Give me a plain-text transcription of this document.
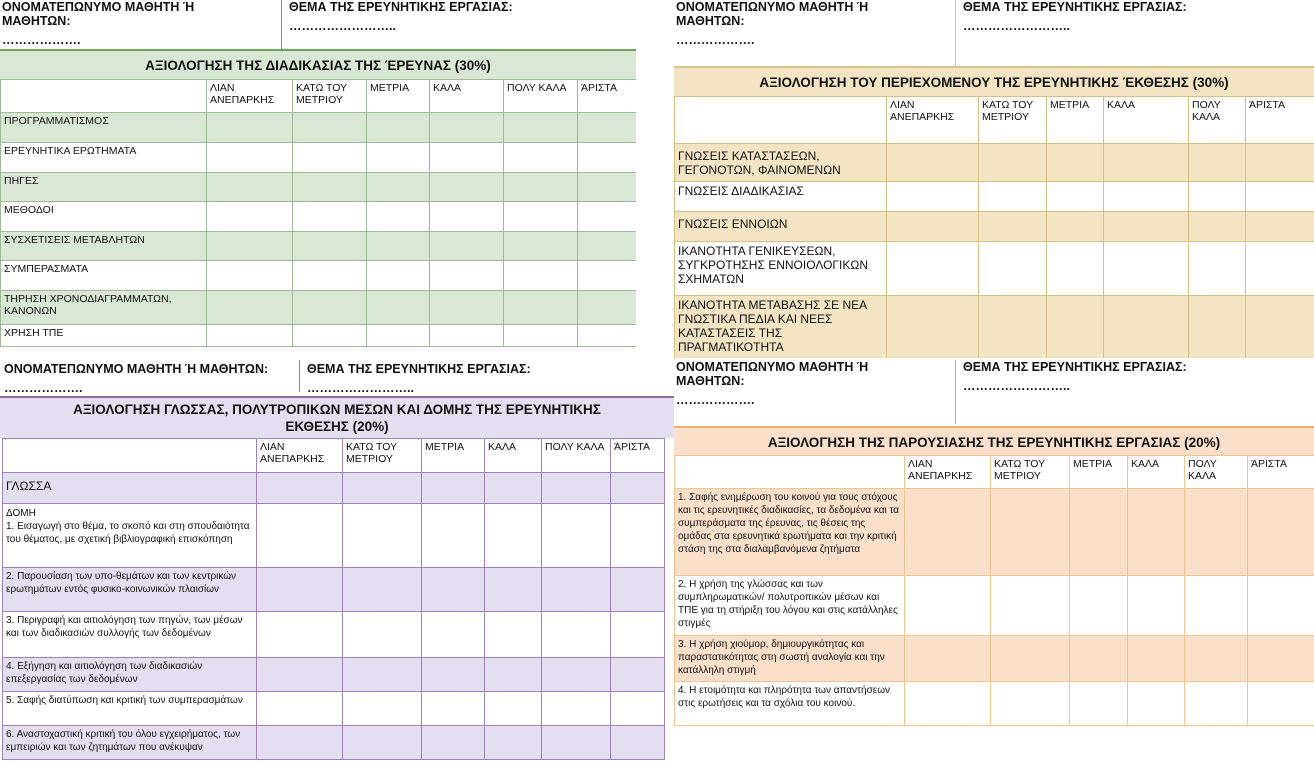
ΟΝΟΜΑΤΕΠΩΝΥΜΟ ΜΑΘΗΤΗ Ή ΜΑΘΗΤΩΝ:
……………….
ΘΕΜΑ ΤΗΣ ΕΡΕΥΝΗΤΙΚΗΣ ΕΡΓΑΣΙΑΣ:
……………………..
ΑΞΙΟΛΟΓΗΣΗ ΤΗΣ ΔΙΑΔΙΚΑΣΙΑΣ ΤΗΣ ΈΡΕΥΝΑΣ (30%)
	ΛΙΑΝ ΑΝΕΠΑΡΚΗΣ	ΚΑΤΩ ΤΟΥ ΜΕΤΡΙΟΥ	ΜΕΤΡΙΑ	ΚΑΛΑ	ΠΟΛΥ ΚΑΛΑ	ΆΡΙΣΤΑ
ΠΡΟΓΡΑΜΜΑΤΙΣΜΟΣ						
ΕΡΕΥΝΗΤΙΚΑ ΕΡΩΤΗΜΑΤΑ						
ΠΗΓΕΣ						
ΜΕΘΟΔΟΙ						
ΣΥΣΧΕΤΙΣΕΙΣ ΜΕΤΑΒΛΗΤΩΝ						
ΣΥΜΠΕΡΑΣΜΑΤΑ						
ΤΗΡΗΣΗ ΧΡΟΝΟΔΙΑΓΡΑΜΜΑΤΩΝ, ΚΑΝΟΝΩΝ						
ΧΡΗΣΗ ΤΠΕ						
ΟΝΟΜΑΤΕΠΩΝΥΜΟ ΜΑΘΗΤΗ Ή ΜΑΘΗΤΩΝ:
……………….
ΘΕΜΑ ΤΗΣ ΕΡΕΥΝΗΤΙΚΗΣ ΕΡΓΑΣΙΑΣ:
……………………..
ΑΞΙΟΛΟΓΗΣΗ ΤΟΥ ΠΕΡΙΕΧΟΜΕΝΟΥ ΤΗΣ ΕΡΕΥΝΗΤΙΚΗΣ ΈΚΘΕΣΗΣ (30%)
	ΛΙΑΝ ΑΝΕΠΑΡΚΗΣ	ΚΑΤΩ ΤΟΥ ΜΕΤΡΙΟΥ	ΜΕΤΡΙΑ	ΚΑΛΑ	ΠΟΛΥ ΚΑΛΑ	ΆΡΙΣΤΑ
ΓΝΩΣΕΙΣ ΚΑΤΑΣΤΑΣΕΩΝ, ΓΕΓΟΝΟΤΩΝ, ΦΑΙΝΟΜΕΝΩΝ						
ΓΝΩΣΕΙΣ ΔΙΑΔΙΚΑΣΙΑΣ						
ΓΝΩΣΕΙΣ ΕΝΝΟΙΩΝ						
ΙΚΑΝΟΤΗΤΑ ΓΕΝΙΚΕΥΣΕΩΝ, ΣΥΓΚΡΟΤΗΣΗΣ ΕΝΝΟΙΟΛΟΓΙΚΩΝ ΣΧΗΜΑΤΩΝ						
ΙΚΑΝΟΤΗΤΑ ΜΕΤΑΒΑΣΗΣ ΣΕ ΝΕΑ ΓΝΩΣΤΙΚΑ ΠΕΔΙΑ ΚΑΙ ΝΕΕΣ ΚΑΤΑΣΤΑΣΕΙΣ ΤΗΣ ΠΡΑΓΜΑΤΙΚΟΤΗΤΑ						
ΟΝΟΜΑΤΕΠΩΝΥΜΟ ΜΑΘΗΤΗ Ή ΜΑΘΗΤΩΝ:
……………….
ΘΕΜΑ ΤΗΣ ΕΡΕΥΝΗΤΙΚΗΣ ΕΡΓΑΣΙΑΣ:
……………………..
ΑΞΙΟΛΟΓΗΣΗ ΓΛΩΣΣΑΣ, ΠΟΛΥΤΡΟΠΙΚΩΝ ΜΕΣΩΝ ΚΑΙ ΔΟΜΗΣ ΤΗΣ ΕΡΕΥΝΗΤΙΚΗΣ ΕΚΘΕΣΗΣ (20%)
	ΛΙΑΝ ΑΝΕΠΑΡΚΗΣ	ΚΑΤΩ ΤΟΥ ΜΕΤΡΙΟΥ	ΜΕΤΡΙΑ	ΚΑΛΑ	ΠΟΛΥ ΚΑΛΑ	ΆΡΙΣΤΑ
ΓΛΩΣΣΑ						
ΔΟΜΗ
1. Εισαγωγή στο θέμα, το σκοπό και στη σπουδαιότητα του θέματος, με σχετική βιβλιογραφική επισκόπηση						
2. Παρουσίαση των υπο-θεμάτων και των κεντρικών ερωτημάτων εντός φυσικο-κοινωνικών πλαισίων						
3. Περιγραφή και αιτιολόγηση των πηγών, των μέσων και των διαδικασιών συλλογής των δεδομένων						
4. Εξήγηση και αιτιολόγηση των διαδικασιών επεξεργασίας των δεδομένων						
5. Σαφής διατύπωση και κριτική των συμπερασμάτων						
6. Αναστοχαστική κριτική του όλου εγχειρήματος, των εμπειριών και των ζητημάτων που ανέκυψαν						
ΟΝΟΜΑΤΕΠΩΝΥΜΟ ΜΑΘΗΤΗ Ή ΜΑΘΗΤΩΝ:
……………….
ΘΕΜΑ ΤΗΣ ΕΡΕΥΝΗΤΙΚΗΣ ΕΡΓΑΣΙΑΣ:
……………………..
ΑΞΙΟΛΟΓΗΣΗ ΤΗΣ ΠΑΡΟΥΣΙΑΣΗΣ ΤΗΣ ΕΡΕΥΝΗΤΙΚΗΣ ΕΡΓΑΣΙΑΣ (20%)
	ΛΙΑΝ ΑΝΕΠΑΡΚΗΣ	ΚΑΤΩ ΤΟΥ ΜΕΤΡΙΟΥ	ΜΕΤΡΙΑ	ΚΑΛΑ	ΠΟΛΥ ΚΑΛΑ	ΆΡΙΣΤΑ
1. Σαφής ενημέρωση του κοινού για τους στόχους και τις ερευνητικές διαδικασίες, τα δεδομένα και τα συμπεράσματα της έρευνας, τις θέσεις της ομάδας στα ερευνητικά ερωτήματα και την κριτική στάση της στα διαλαμβανόμενα ζητήματα						
2. Η χρήση της γλώσσας και των συμπληρωματικών/ πολυτροπικών μέσων και ΤΠΕ για τη στήριξη του λόγου και στις κατάλληλες στιγμές						
3. Η χρήση χιούμορ, δημιουργικότητας και παραστατικότητας στη σωστή αναλογία και την κατάλληλη στιγμή						
4. Η ετοιμότητα και πληρότητα των απαντήσεων στις ερωτήσεις και τα σχόλια του κοινού.						
